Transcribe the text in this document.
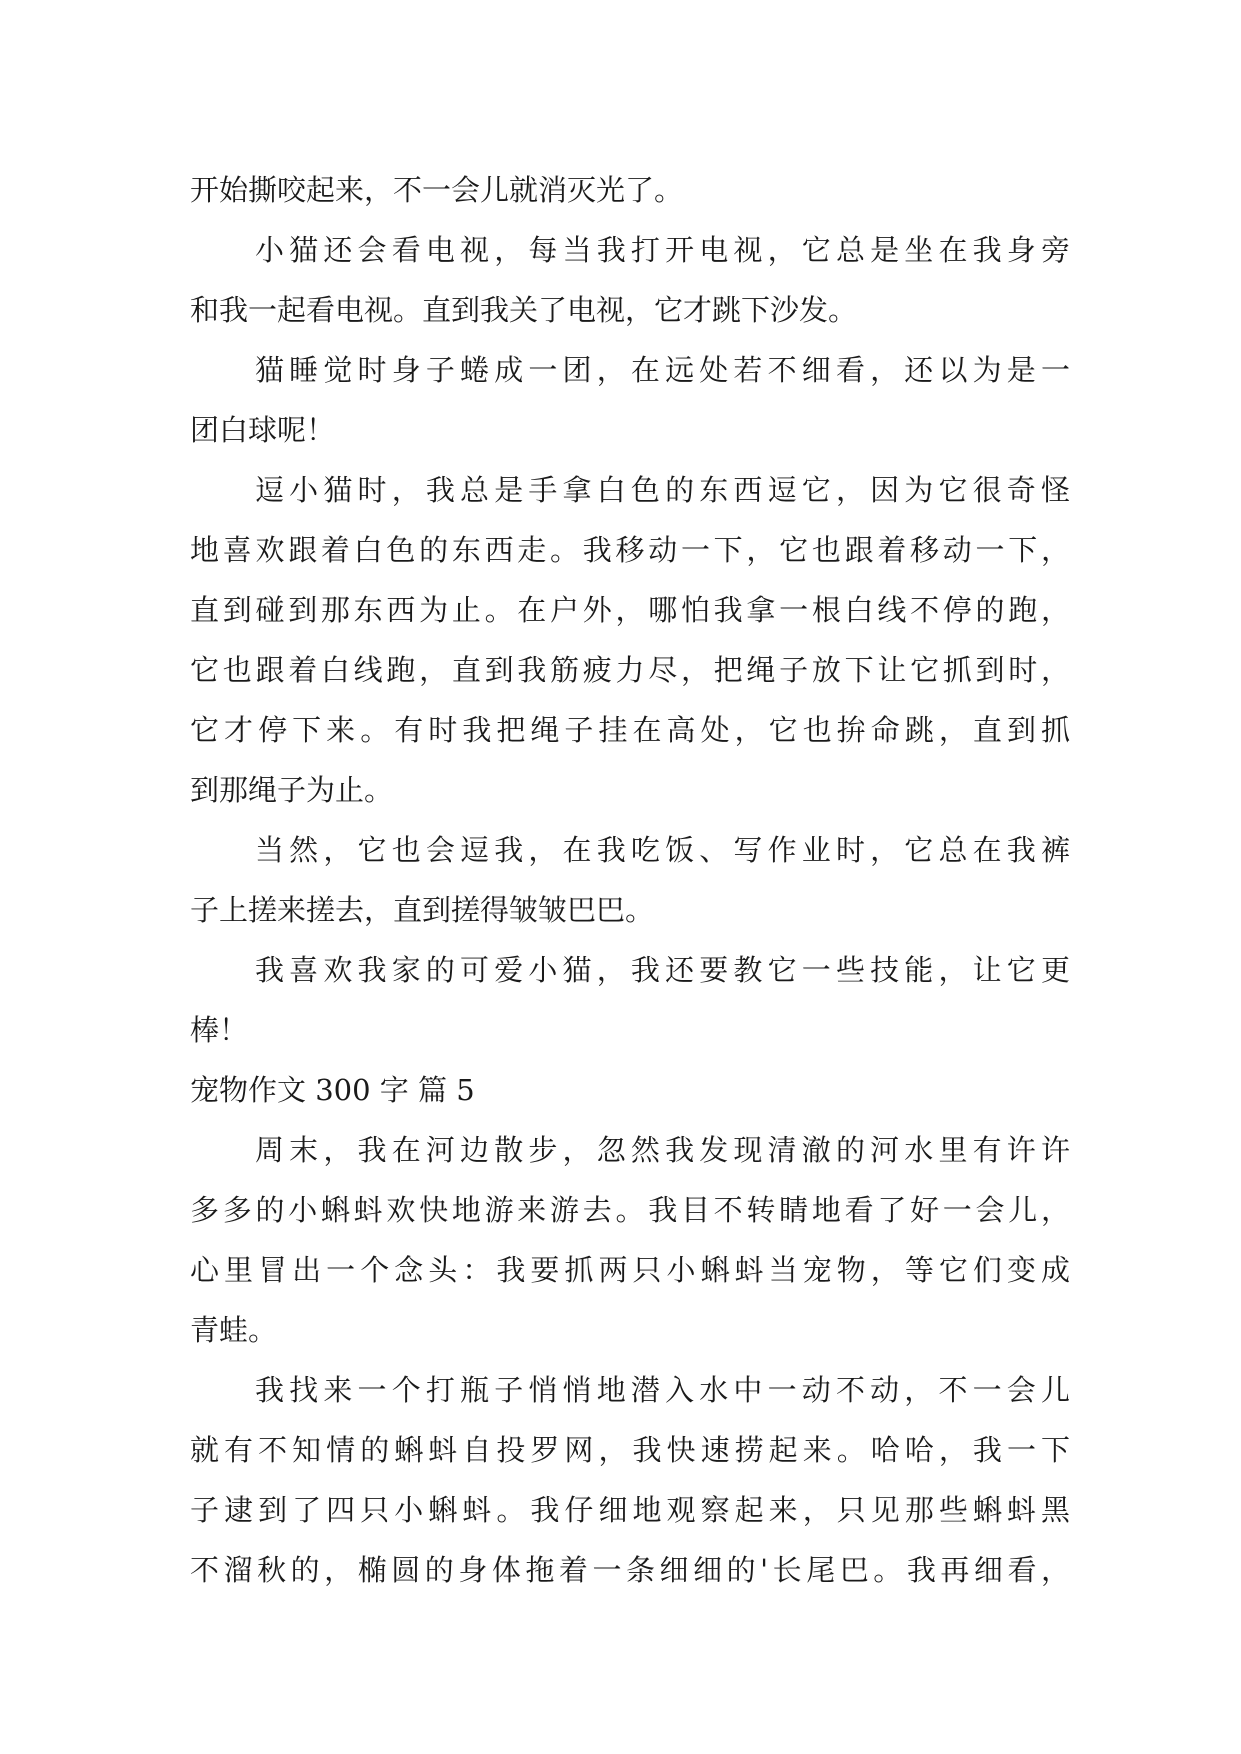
开始撕咬起来，不一会儿就消灭光了。
小猫还会看电视，每当我打开电视，它总是坐在我身旁
和我一起看电视。直到我关了电视，它才跳下沙发。
猫睡觉时身子蜷成一团，在远处若不细看，还以为是一
团白球呢！
逗小猫时，我总是手拿白色的东西逗它，因为它很奇怪
地喜欢跟着白色的东西走。我移动一下，它也跟着移动一下，
直到碰到那东西为止。在户外，哪怕我拿一根白线不停的跑，
它也跟着白线跑，直到我筋疲力尽，把绳子放下让它抓到时，
它才停下来。有时我把绳子挂在高处，它也拚命跳，直到抓
到那绳子为止。
当然，它也会逗我，在我吃饭、写作业时，它总在我裤
子上搓来搓去，直到搓得皱皱巴巴。
我喜欢我家的可爱小猫，我还要教它一些技能，让它更
棒！
宠物作文 300 字 篇 5
周末，我在河边散步，忽然我发现清澈的河水里有许许
多多的小蝌蚪欢快地游来游去。我目不转睛地看了好一会儿，
心里冒出一个念头：我要抓两只小蝌蚪当宠物，等它们变成
青蛙。
我找来一个打瓶子悄悄地潜入水中一动不动，不一会儿
就有不知情的蝌蚪自投罗网，我快速捞起来。哈哈，我一下
子逮到了四只小蝌蚪。我仔细地观察起来，只见那些蝌蚪黑
不溜秋的，椭圆的身体拖着一条细细的'长尾巴。我再细看，
